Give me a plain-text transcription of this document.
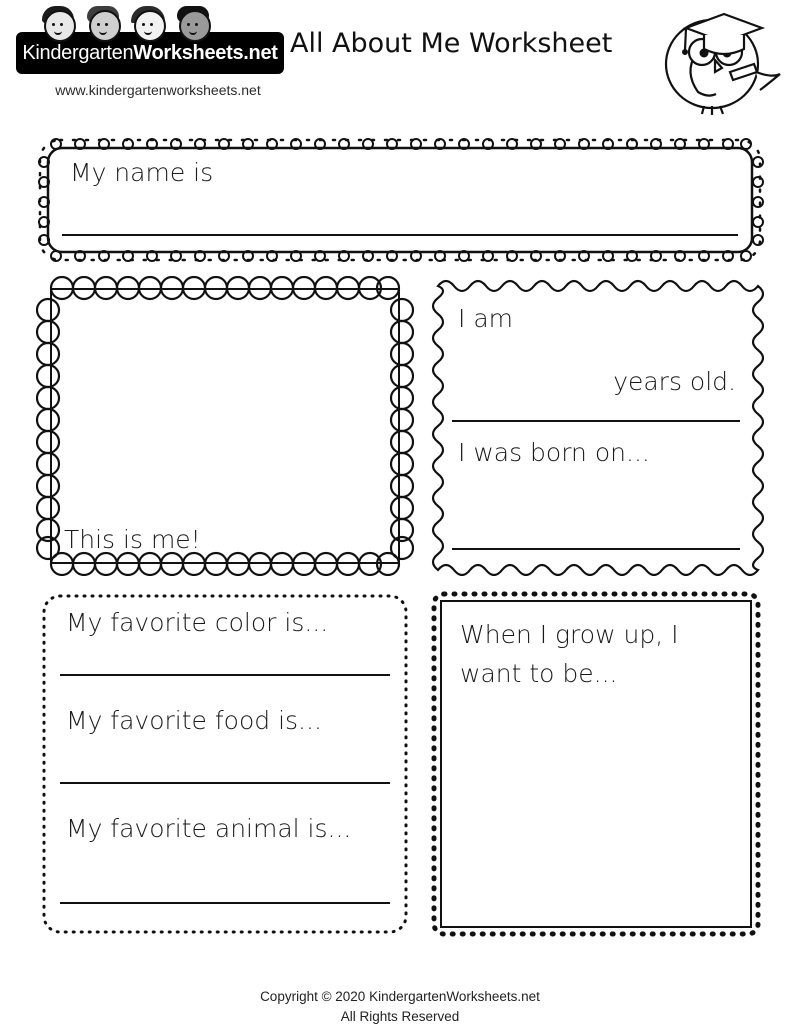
KindergartenWorksheets.net
www.kindergartenworksheets.net
All About Me Worksheet
My name is
This is me!
I am
years old.
I was born on...
My favorite color is...
My favorite food is...
My favorite animal is...
When I grow up, I want to be...
Copyright © 2020 KindergartenWorksheets.net
All Rights Reserved
